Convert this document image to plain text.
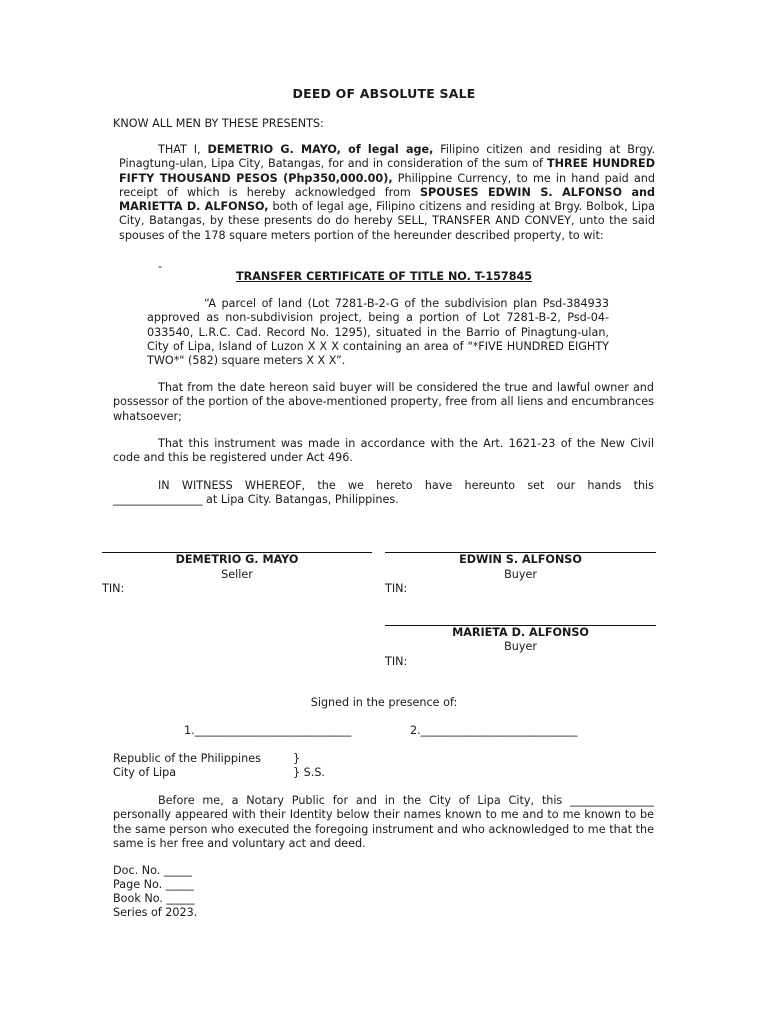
DEED OF ABSOLUTE SALE
KNOW ALL MEN BY THESE PRESENTS:
THAT I, DEMETRIO G. MAYO, of legal age, Filipino citizen and residing at Brgy. Pinagtung-ulan, Lipa City, Batangas, for and in consideration of the sum of THREE HUNDRED FIFTY THOUSAND PESOS (Php350,000.00), Philippine Currency, to me in hand paid and receipt of which is hereby acknowledged from SPOUSES EDWIN S. ALFONSO and MARIETTA D. ALFONSO, both of legal age, Filipino citizens and residing at Brgy. Bolbok, Lipa City, Batangas, by these presents do do hereby SELL, TRANSFER AND CONVEY, unto the said spouses of the 178 square meters portion of the hereunder described property, to wit:
-
TRANSFER CERTIFICATE OF TITLE NO. T-157845
“A parcel of land (Lot 7281-B-2-G of the subdivision plan Psd-384933 approved as non-subdivision project, being a portion of Lot 7281-B-2, Psd-04-033540, L.R.C. Cad. Record No. 1295), situated in the Barrio of Pinagtung-ulan, City of Lipa, Island of Luzon X X X containing an area of "*FIVE HUNDRED EIGHTY TWO*" (582) square meters X X X”.
That from the date hereon said buyer will be considered the true and lawful owner and possessor of the portion of the above-mentioned property, free from all liens and encumbrances whatsoever;
That this instrument was made in accordance with the Art. 1621-23 of the New Civil code and this be registered under Act 496.
IN WITNESS WHEREOF, the we hereto have hereunto set our hands this
________________ at Lipa City. Batangas, Philippines.
DEMETRIO G. MAYO
Seller
TIN:
EDWIN S. ALFONSO
Buyer
TIN:
MARIETA D. ALFONSO
Buyer
TIN:
Signed in the presence of:
1.____________________________	2.____________________________
Republic of the Philippines	}
City of Lipa	} S.S.
Before me, a Notary Public for and in the City of Lipa City, this _______________ personally appeared with their Identity below their names known to me and to me known to be the same person who executed the foregoing instrument and who acknowledged to me that the same is her free and voluntary act and deed.
Doc. No. _____
Page No. _____
Book No. _____
Series of 2023.
